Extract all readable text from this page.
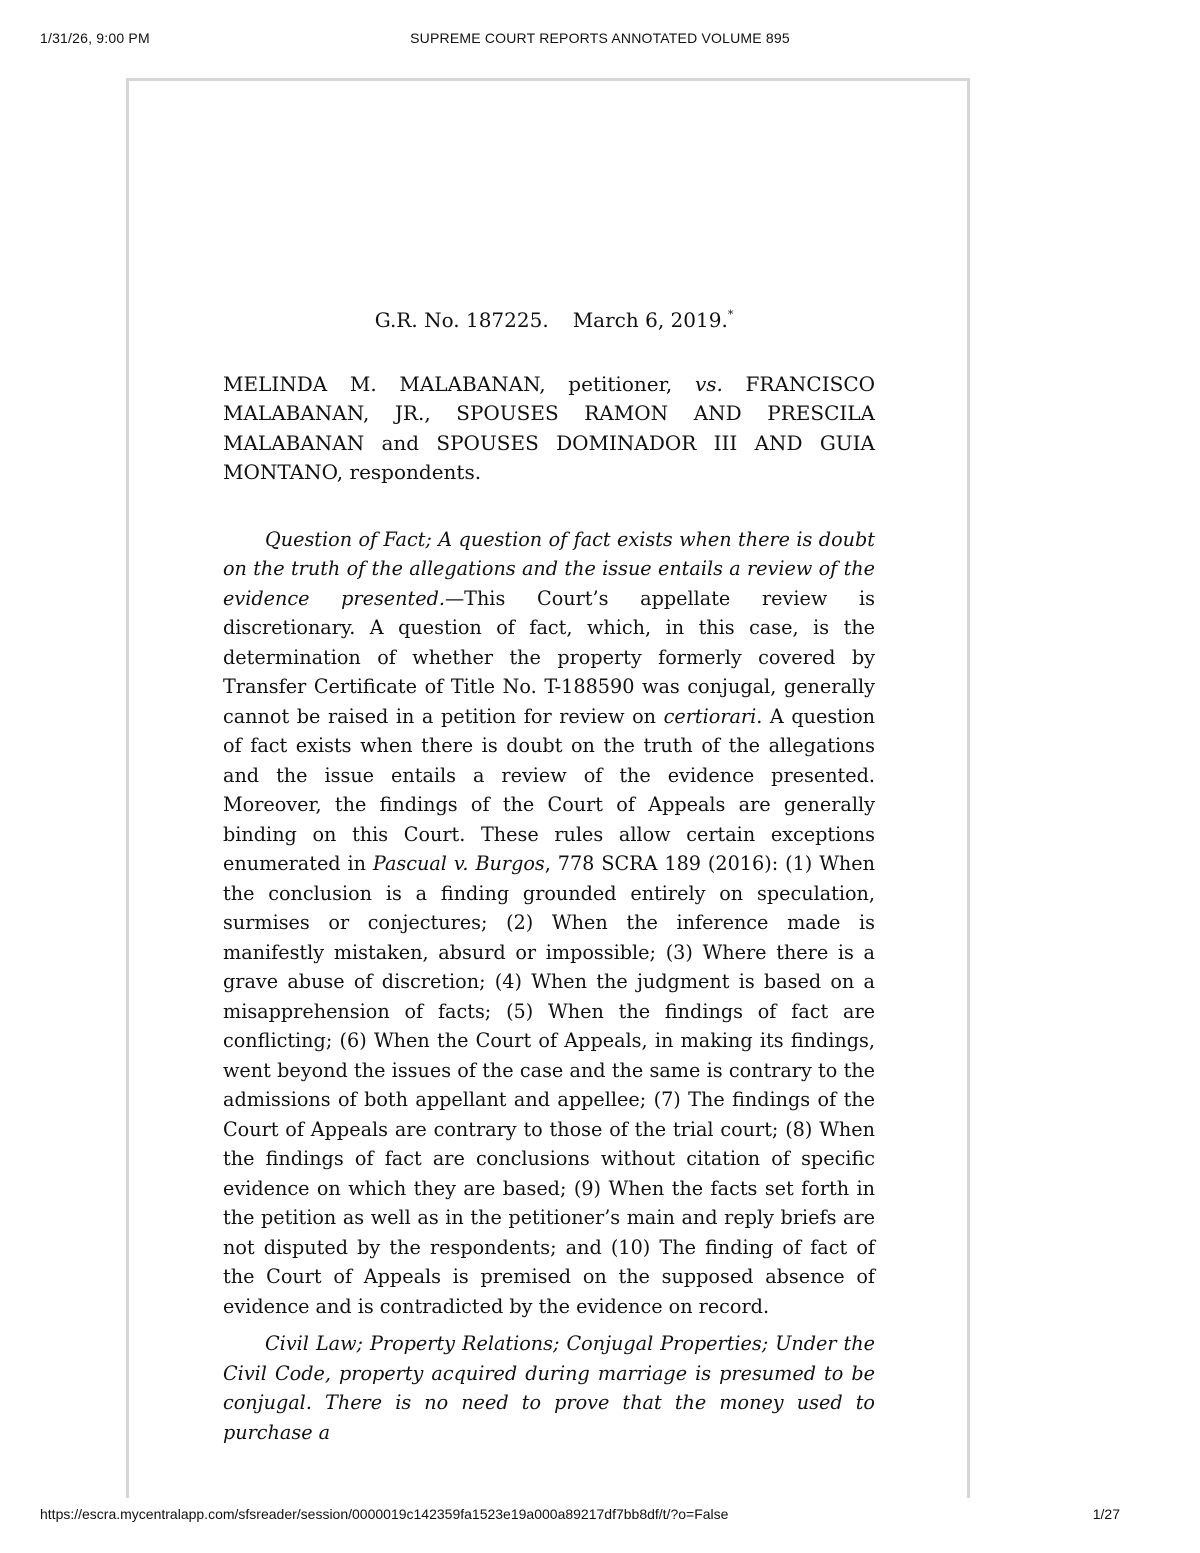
1/31/26, 9:00 PM	SUPREME COURT REPORTS ANNOTATED VOLUME 895

G.R. No. 187225. March 6, 2019.*

MELINDA M. MALABANAN, petitioner, vs. FRANCISCO MALABANAN, JR., SPOUSES RAMON AND PRESCILA MALABANAN and SPOUSES DOMINADOR III AND GUIA MONTANO, respondents.

Question of Fact; A question of fact exists when there is doubt on the truth of the allegations and the issue entails a review of the evidence presented.—This Court’s appellate review is discretionary. A question of fact, which, in this case, is the determination of whether the property formerly covered by Transfer Certificate of Title No. T-188590 was conjugal, generally cannot be raised in a petition for review on certiorari. A question of fact exists when there is doubt on the truth of the allegations and the issue entails a review of the evidence presented. Moreover, the findings of the Court of Appeals are generally binding on this Court. These rules allow certain exceptions enumerated in Pascual v. Burgos, 778 SCRA 189 (2016): (1) When the conclusion is a finding grounded entirely on speculation, surmises or conjectures; (2) When the inference made is manifestly mistaken, absurd or impossible; (3) Where there is a grave abuse of discretion; (4) When the judgment is based on a misapprehension of facts; (5) When the findings of fact are conflicting; (6) When the Court of Appeals, in making its findings, went beyond the issues of the case and the same is contrary to the admissions of both appellant and appellee; (7) The findings of the Court of Appeals are contrary to those of the trial court; (8) When the findings of fact are conclusions without citation of specific evidence on which they are based; (9) When the facts set forth in the petition as well as in the petitioner’s main and reply briefs are not disputed by the respondents; and (10) The finding of fact of the Court of Appeals is premised on the supposed absence of evidence and is contradicted by the evidence on record.

Civil Law; Property Relations; Conjugal Properties; Under the Civil Code, property acquired during marriage is presumed to be conjugal. There is no need to prove that the money used to purchase a

https://escra.mycentralapp.com/sfsreader/session/0000019c142359fa1523e19a000a89217df7bb8df/t/?o=False	1/27
